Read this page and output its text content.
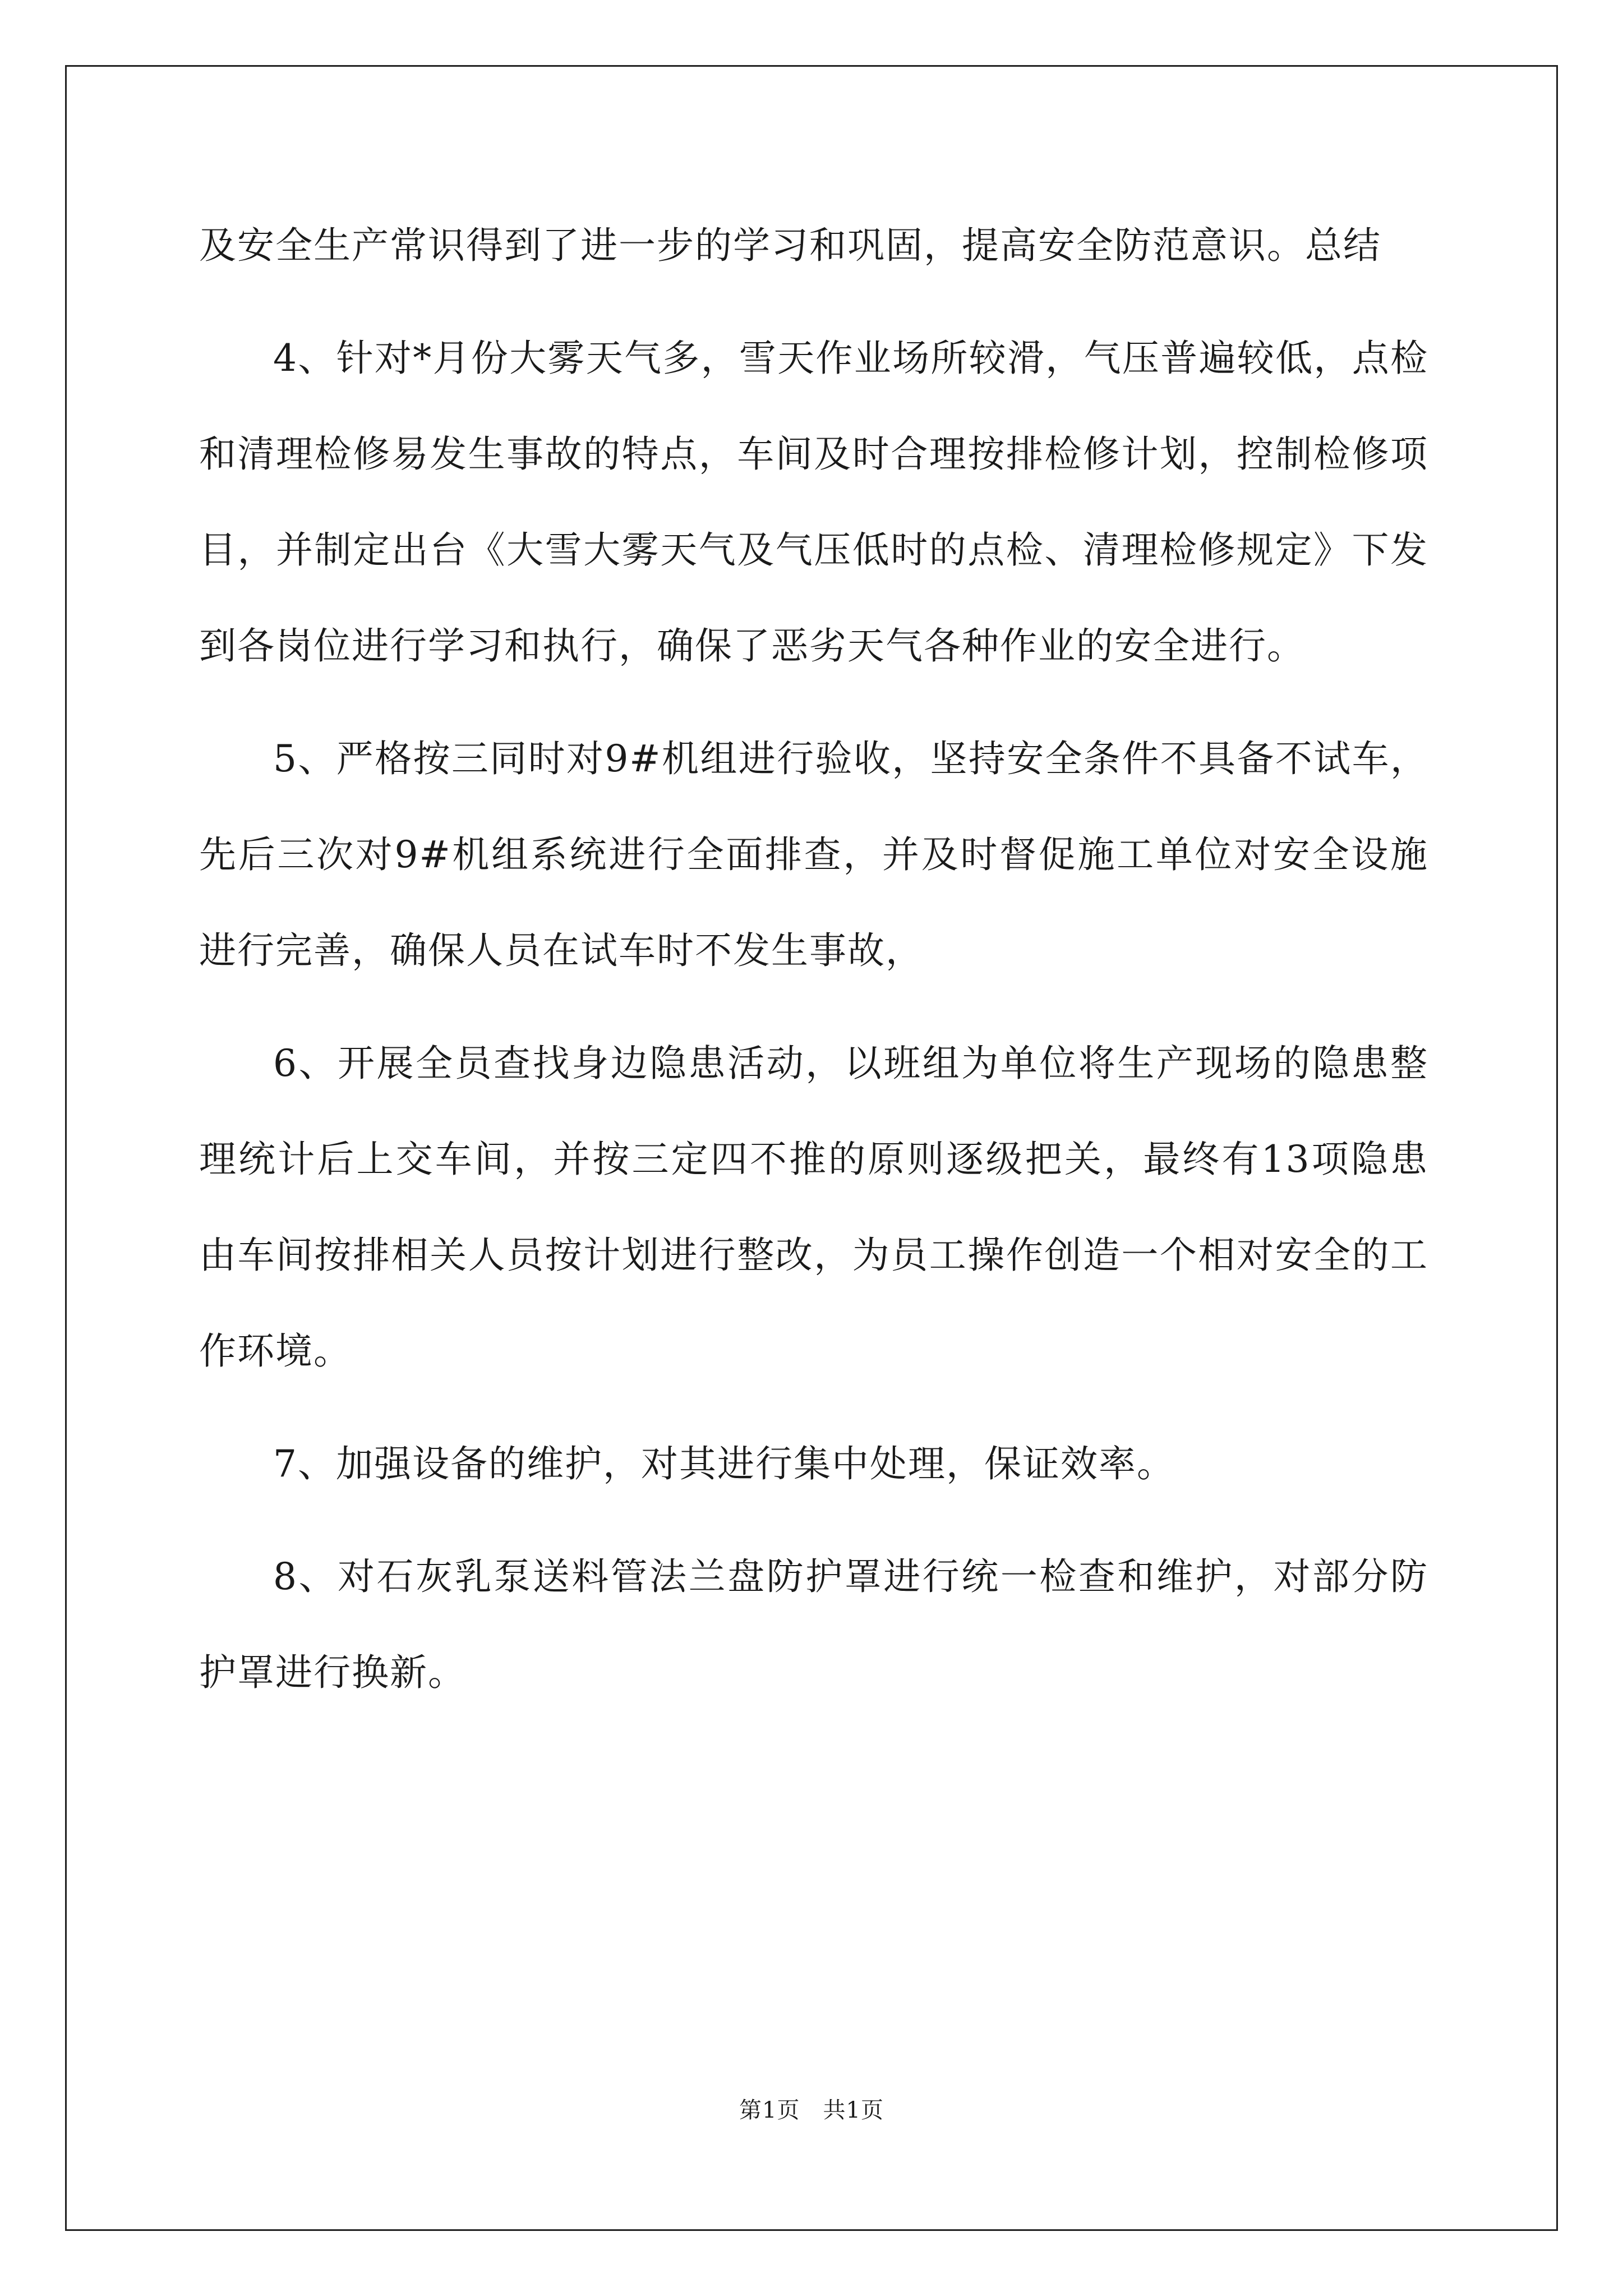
及安全生产常识得到了进一步的学习和巩固，提高安全防范意识。总结

4、针对*月份大雾天气多，雪天作业场所较滑，气压普遍较低，点检和清理检修易发生事故的特点，车间及时合理按排检修计划，控制检修项目，并制定出台《大雪大雾天气及气压低时的点检、清理检修规定》下发到各岗位进行学习和执行，确保了恶劣天气各种作业的安全进行。

5、严格按三同时对9#机组进行验收，坚持安全条件不具备不试车，先后三次对9#机组系统进行全面排查，并及时督促施工单位对安全设施进行完善，确保人员在试车时不发生事故，

6、开展全员查找身边隐患活动，以班组为单位将生产现场的隐患整理统计后上交车间，并按三定四不推的原则逐级把关，最终有13项隐患由车间按排相关人员按计划进行整改，为员工操作创造一个相对安全的工作环境。

7、加强设备的维护，对其进行集中处理，保证效率。

8、对石灰乳泵送料管法兰盘防护罩进行统一检查和维护，对部分防护罩进行换新。

第1页　共1页
